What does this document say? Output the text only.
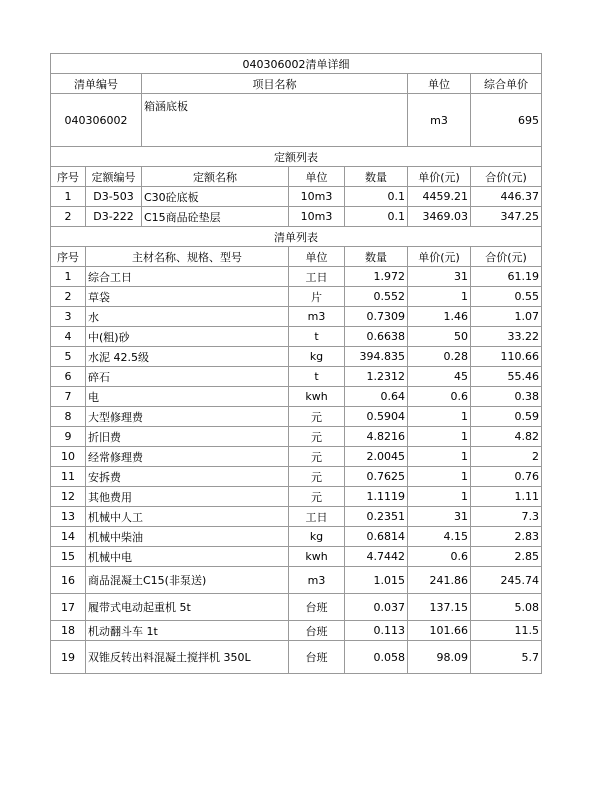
040306002清单详细						
清单编号		项目名称			单位	综合单价
040306002		箱涵底板			m3	695
定额列表						
序号	定额编号	定额名称	单位	数量	单价(元)	合价(元)
1	D3-503	C30砼底板	10m3	0.1	4459.21	446.37
2	D3-222	C15商品砼垫层	10m3	0.1	3469.03	347.25
清单列表						
序号	主材名称、规格、型号		单位	数量	单价(元)	合价(元)
1	综合工日		工日	1.972	31	61.19
2	草袋		片	0.552	1	0.55
3	水		m3	0.7309	1.46	1.07
4	中(粗)砂		t	0.6638	50	33.22
5	水泥 42.5级		kg	394.835	0.28	110.66
6	碎石		t	1.2312	45	55.46
7	电		kwh	0.64	0.6	0.38
8	大型修理费		元	0.5904	1	0.59
9	折旧费		元	4.8216	1	4.82
10	经常修理费		元	2.0045	1	2
11	安拆费		元	0.7625	1	0.76
12	其他费用		元	1.1119	1	1.11
13	机械中人工		工日	0.2351	31	7.3
14	机械中柴油		kg	0.6814	4.15	2.83
15	机械中电		kwh	4.7442	0.6	2.85
16	商品混凝土C15(非泵送)		m3	1.015	241.86	245.74
17	履带式电动起重机 5t		台班	0.037	137.15	5.08
18	机动翻斗车 1t		台班	0.113	101.66	11.5
19	双锥反转出料混凝土搅拌机 350L		台班	0.058	98.09	5.7
